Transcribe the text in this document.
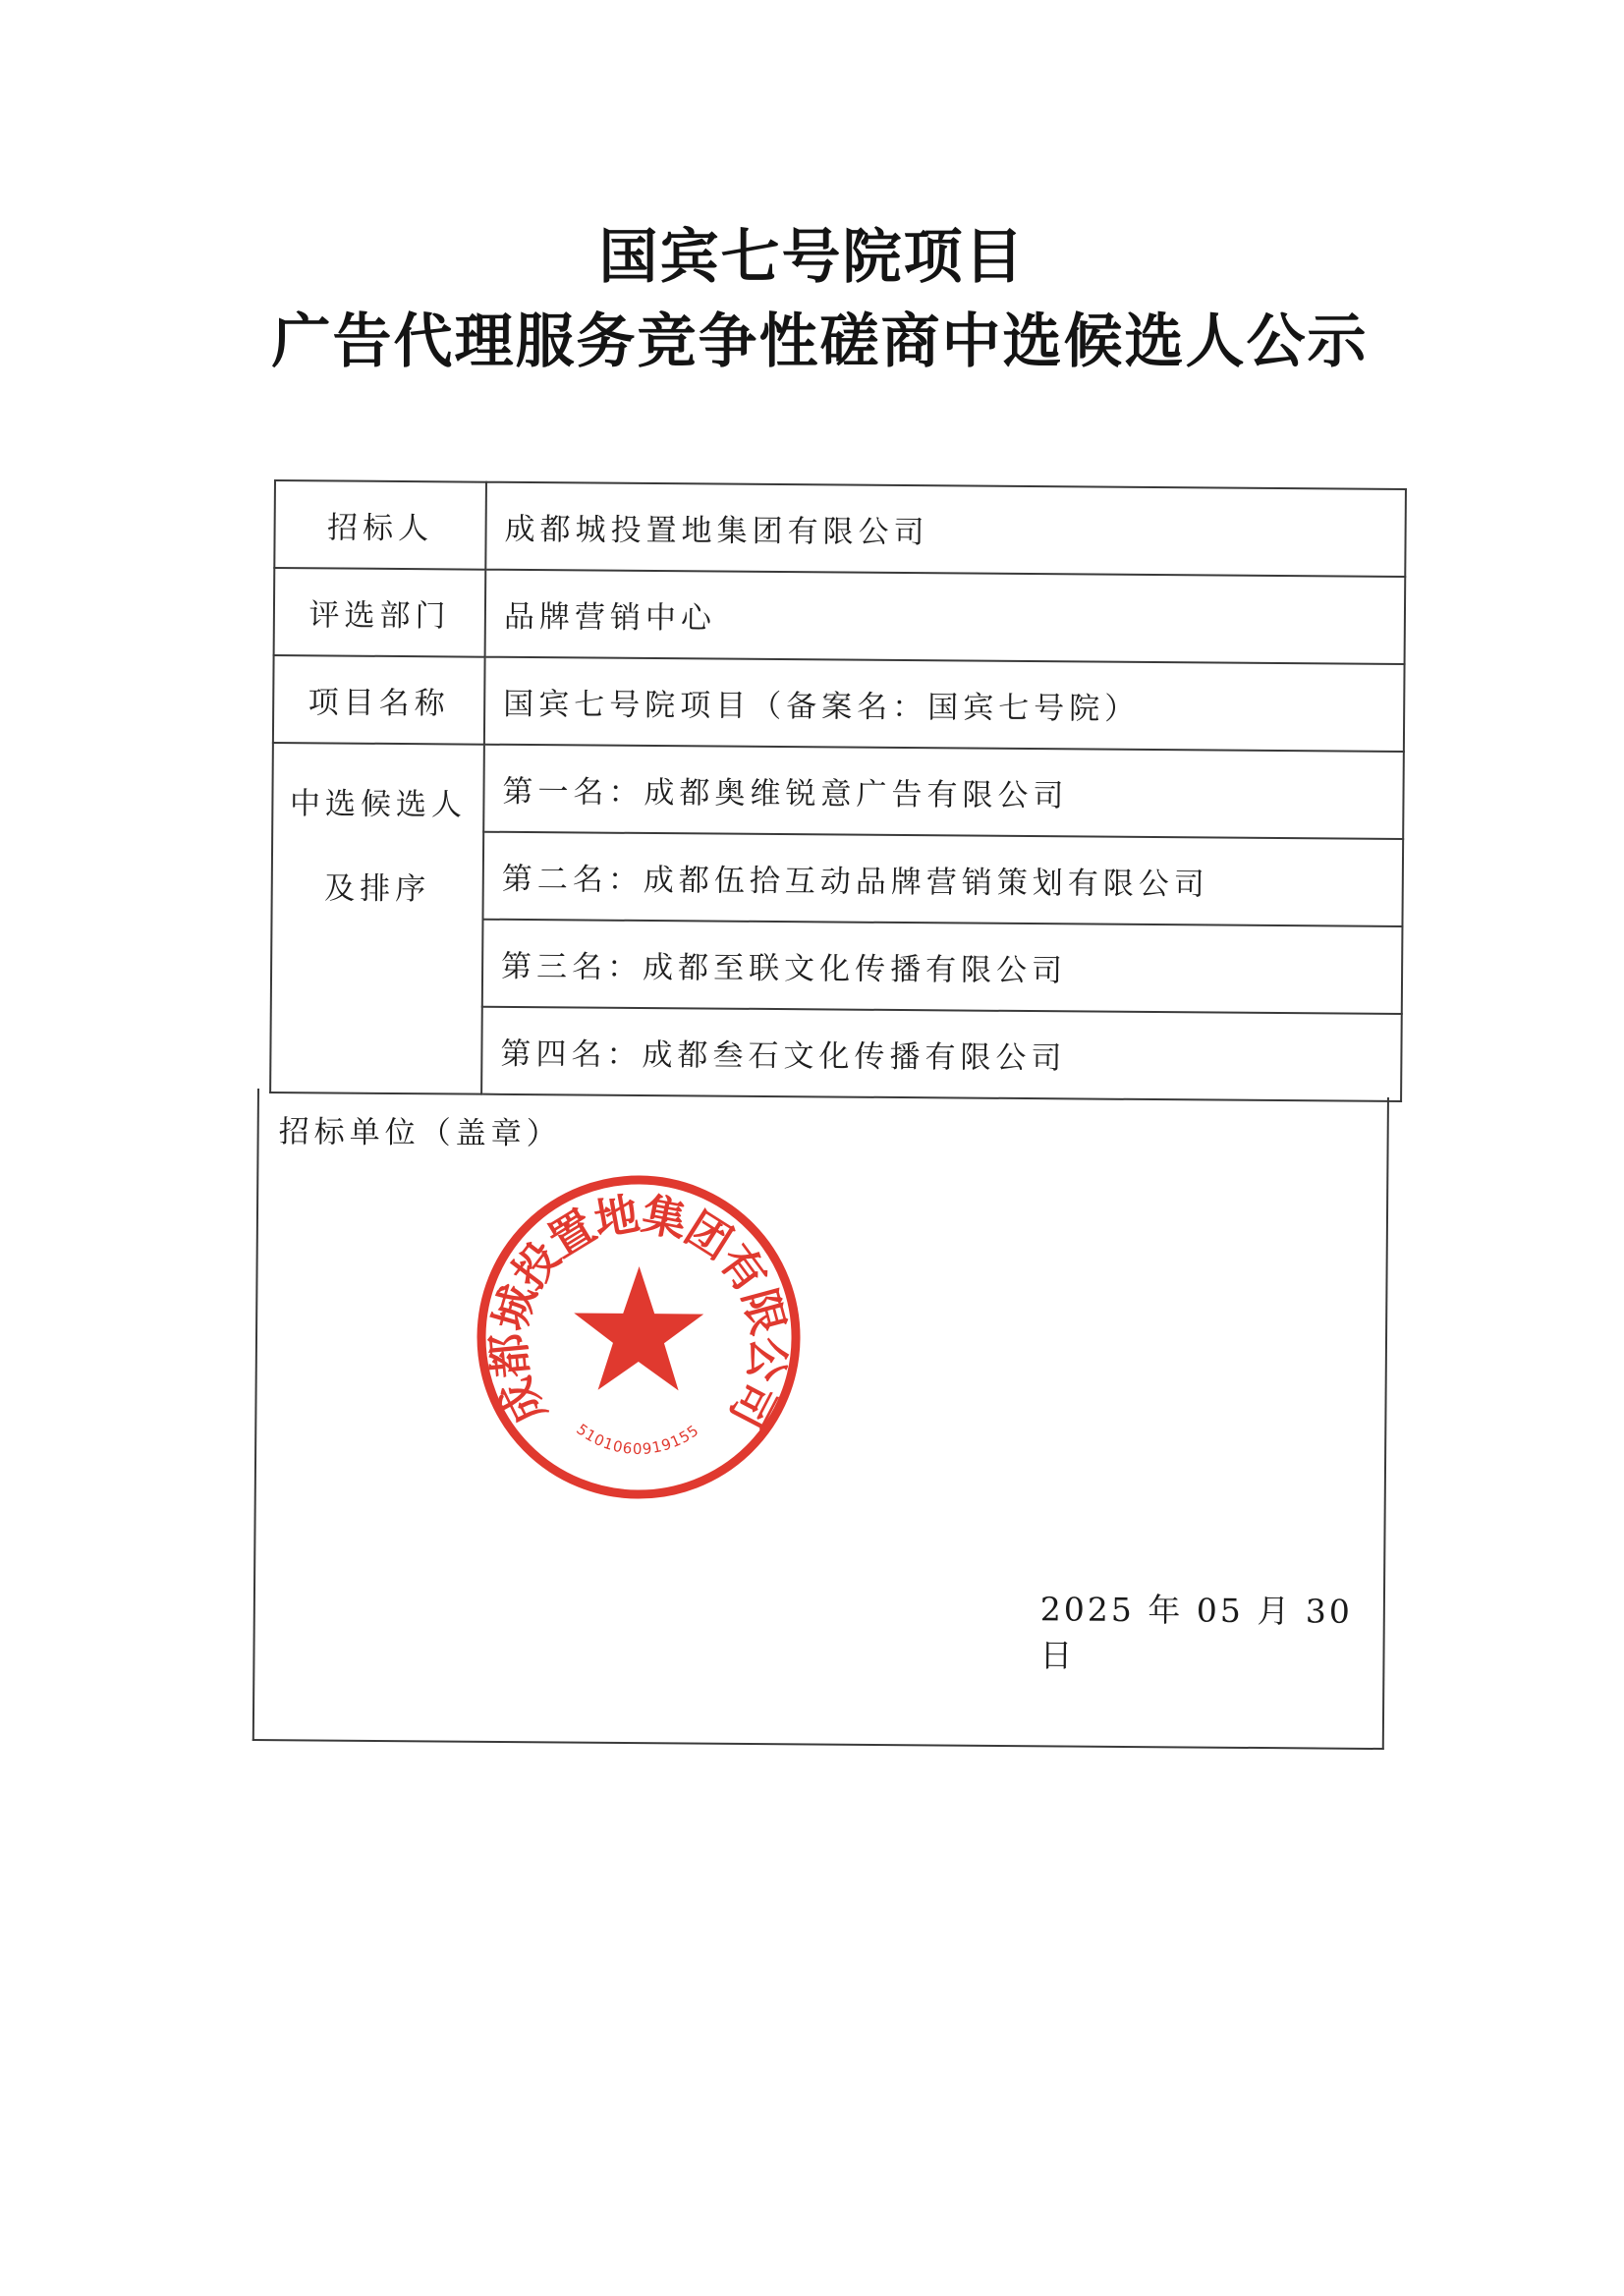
国宾七号院项目
广告代理服务竞争性磋商中选候选人公示
招标人	成都城投置地集团有限公司
评选部门	品牌营销中心
项目名称	国宾七号院项目（备案名：国宾七号院）
中选候选人及排序	第一名：成都奥维锐意广告有限公司
	第二名：成都伍拾互动品牌营销策划有限公司
	第三名：成都至联文化传播有限公司
	第四名：成都叁石文化传播有限公司
招标单位（盖章）
成都城投置地集团有限公司
5101060919155
2025 年 05 月 30 日
